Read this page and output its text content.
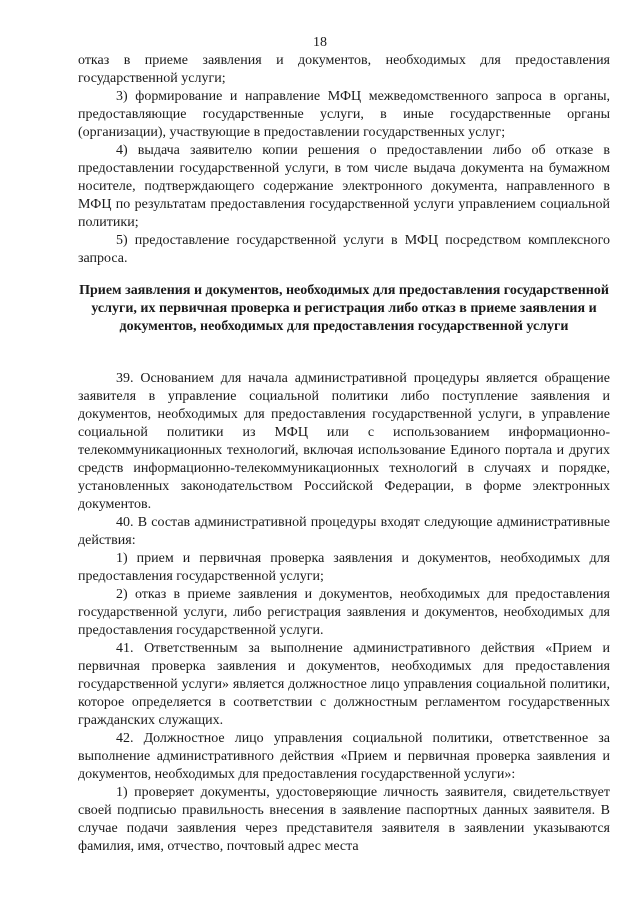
18

отказ в приеме заявления и документов, необходимых для предоставления государственной услуги;

3) формирование и направление МФЦ межведомственного запроса в органы, предоставляющие государственные услуги, в иные государственные органы (организации), участвующие в предоставлении государственных услуг;

4) выдача заявителю копии решения о предоставлении либо об отказе в предоставлении государственной услуги, в том числе выдача документа на бумажном носителе, подтверждающего содержание электронного документа, направленного в МФЦ по результатам предоставления государственной услуги управлением социальной политики;

5) предоставление государственной услуги в МФЦ посредством комплексного запроса.

Прием заявления и документов, необходимых для предоставления государственной услуги, их первичная проверка и регистрация либо отказ в приеме заявления и документов, необходимых для предоставления государственной услуги

39. Основанием для начала административной процедуры является обращение заявителя в управление социальной политики либо поступление заявления и документов, необходимых для предоставления государственной услуги, в управление социальной политики из МФЦ или с использованием информационно-телекоммуникационных технологий, включая использование Единого портала и других средств информационно-телекоммуникационных технологий в случаях и порядке, установленных законодательством Российской Федерации, в форме электронных документов.

40. В состав административной процедуры входят следующие административные действия:

1) прием и первичная проверка заявления и документов, необходимых для предоставления государственной услуги;

2) отказ в приеме заявления и документов, необходимых для предоставления государственной услуги, либо регистрация заявления и документов, необходимых для предоставления государственной услуги.

41. Ответственным за выполнение административного действия «Прием и первичная проверка заявления и документов, необходимых для предоставления государственной услуги» является должностное лицо управления социальной политики, которое определяется в соответствии с должностным регламентом государственных гражданских служащих.

42. Должностное лицо управления социальной политики, ответственное за выполнение административного действия «Прием и первичная проверка заявления и документов, необходимых для предоставления государственной услуги»:

1) проверяет документы, удостоверяющие личность заявителя, свидетельствует своей подписью правильность внесения в заявление паспортных данных заявителя. В случае подачи заявления через представителя заявителя в заявлении указываются фамилия, имя, отчество, почтовый адрес места
